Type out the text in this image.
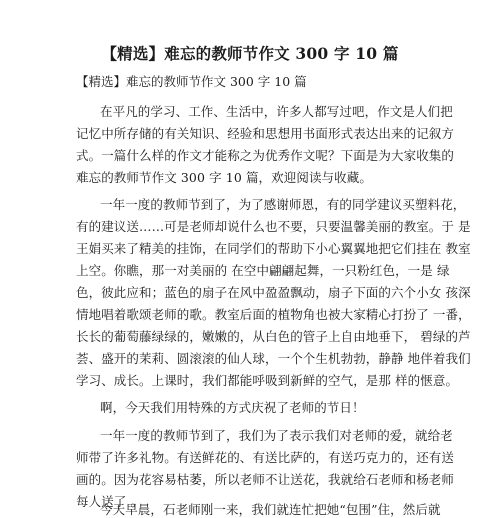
【精选】难忘的教师节作文 300 字 10 篇
【精选】难忘的教师节作文 300 字 10 篇
在平凡的学习、工作、生活中，许多人都写过吧，作文是人们把
记忆中所存储的有关知识、经验和思想用书面形式表达出来的记叙方
式。一篇什么样的作文才能称之为优秀作文呢？下面是为大家收集的
难忘的教师节作文 300 字 10 篇，欢迎阅读与收藏。
一年一度的教师节到了，为了感谢师恩，有的同学建议买塑料花，
有的建议送……可是老师却说什么也不要，只要温馨美丽的教室。于 是
王娟买来了精美的挂饰，在同学们的帮助下小心翼翼地把它们挂在 教室
上空。你瞧，那一对美丽的 在空中翩翩起舞，一只粉红色，一是 绿
色，彼此应和；蓝色的扇子在风中盈盈飘动，扇子下面的六个小女 孩深
情地唱着歌颂老师的歌。教室后面的植物角也被大家精心打扮了 一番，
长长的葡萄藤绿绿的，嫩嫩的，从白色的管子上自由地垂下， 碧绿的芦
荟、盛开的茉莉、圆滚滚的仙人球，一个个生机勃勃，静静 地伴着我们
学习、成长。上课时，我们都能呼吸到新鲜的空气，是那 样的惬意。
啊，今天我们用特殊的方式庆祝了老师的节日！
一年一度的教师节到了，我们为了表示我们对老师的爱，就给老
师带了许多礼物。有送鲜花的、有送比萨的，有送巧克力的，还有送
画的。因为花容易枯萎，所以老师不让送花，我就给石老师和杨老师
每人送了 。
今天早晨，石老师刚一来，我们就连忙把她“包围”住，然后就
